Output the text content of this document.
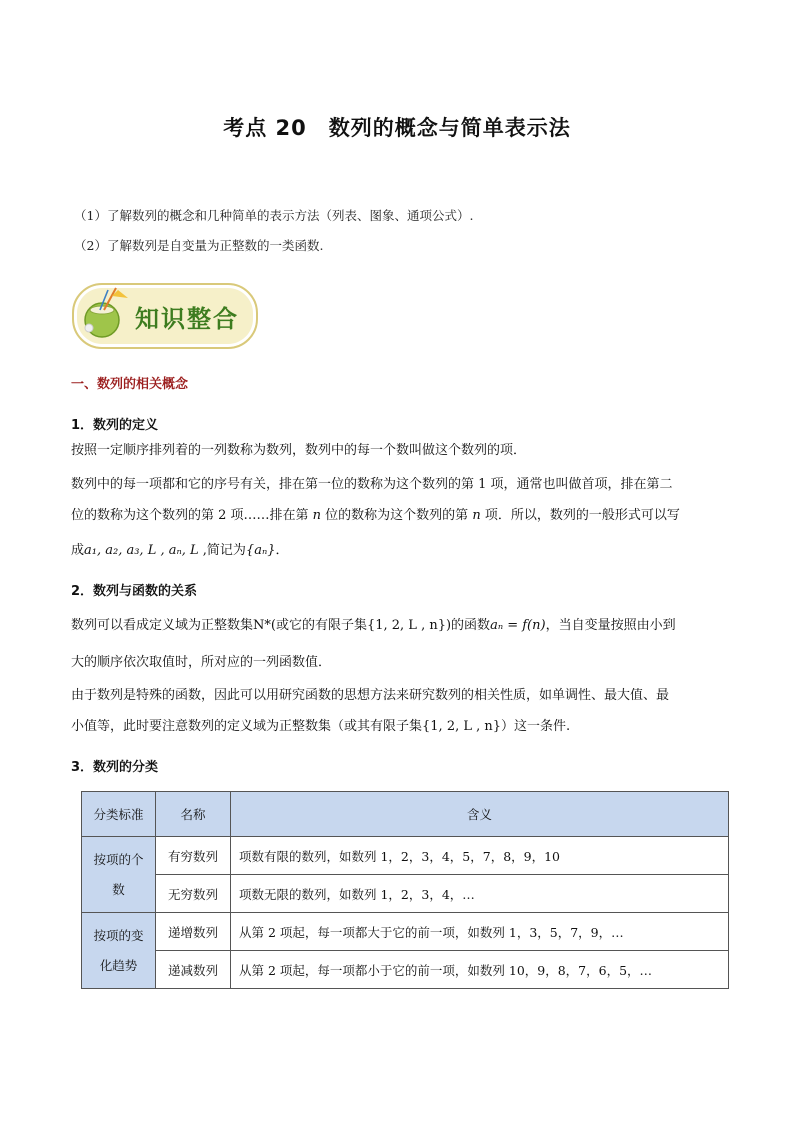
考点 20　数列的概念与简单表示法
（1）了解数列的概念和几种简单的表示方法（列表、图象、通项公式）.
（2）了解数列是自变量为正整数的一类函数.
知识整合
一、数列的相关概念
1．数列的定义
按照一定顺序排列着的一列数称为数列，数列中的每一个数叫做这个数列的项．
数列中的每一项都和它的序号有关，排在第一位的数称为这个数列的第 1 项，通常也叫做首项，排在第二
位的数称为这个数列的第 2 项……排在第 n 位的数称为这个数列的第 n 项．所以，数列的一般形式可以写
成a₁, a₂, a₃, L , aₙ, L ,简记为{aₙ}．
2．数列与函数的关系
数列可以看成定义域为正整数集N*(或它的有限子集{1, 2, L , n})的函数aₙ = f(n)，当自变量按照由小到
大的顺序依次取值时，所对应的一列函数值．
由于数列是特殊的函数，因此可以用研究函数的思想方法来研究数列的相关性质，如单调性、最大值、最
小值等，此时要注意数列的定义域为正整数集（或其有限子集{1, 2, L , n}）这一条件.
3．数列的分类
分类标准	名称	含义
按项的个数	有穷数列	项数有限的数列，如数列 1，2，3，4，5，7，8，9，10
	无穷数列	项数无限的数列，如数列 1，2，3，4，…
按项的变化趋势	递增数列	从第 2 项起，每一项都大于它的前一项，如数列 1，3，5，7，9，…
	递减数列	从第 2 项起，每一项都小于它的前一项，如数列 10，9，8，7，6，5，…
